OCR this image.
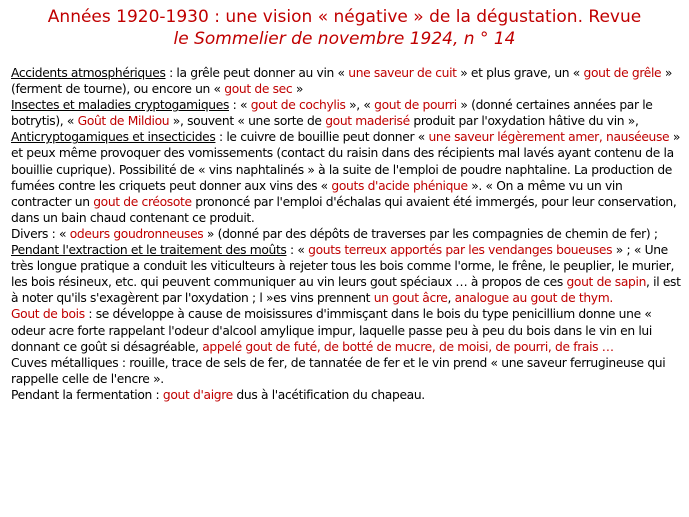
Années 1920-1930 : une vision « négative » de la dégustation. Revue
le Sommelier de novembre 1924, n ° 14
Accidents atmosphériques : la grêle peut donner au vin « une saveur de cuit » et plus grave, un « gout de grêle » (ferment de tourne), ou encore un « gout de sec »
Insectes et maladies cryptogamiques : « gout de cochylis », « gout de pourri » (donné certaines années par le botrytis), « Goût de Mildiou », souvent « une sorte de gout maderisé produit par l'oxydation hâtive du vin »,
Anticryptogamiques et insecticides : le cuivre de bouillie peut donner « une saveur légèrement amer, nauséeuse » et peux même provoquer des vomissements (contact du raisin dans des récipients mal lavés ayant contenu de la bouillie cuprique). Possibilité de « vins naphtalinés » à la suite de l'emploi de poudre naphtaline. La production de fumées contre les criquets peut donner aux vins des « gouts d'acide phénique ». « On a même vu un vin contracter un gout de créosote prononcé par l'emploi d'échalas qui avaient été immergés, pour leur conservation, dans un bain chaud contenant ce produit.
Divers : « odeurs goudronneuses » (donné par des dépôts de traverses par les compagnies de chemin de fer) ;
Pendant l'extraction et le traitement des moûts : « gouts terreux apportés par les vendanges boueuses » ; « Une très longue pratique a conduit les viticulteurs à rejeter tous les bois comme l'orme, le frêne, le peuplier, le murier, les bois résineux, etc. qui peuvent communiquer au vin leurs gout spéciaux … à propos de ces gout de sapin, il est à noter qu'ils s'exagèrent par l'oxydation ; l »es vins prennent un gout âcre, analogue au gout de thym.
Gout de bois : se développe à cause de moisissures d'immisçant dans le bois du type penicillium donne une « odeur acre forte rappelant l'odeur d'alcool amylique impur, laquelle passe peu à peu du bois dans le vin en lui donnant ce goût si désagréable, appelé gout de futé, de botté de mucre, de moisi, de pourri, de frais …
Cuves métalliques : rouille, trace de sels de fer, de tannatée de fer et le vin prend « une saveur ferrugineuse qui rappelle celle de l'encre ».
Pendant la fermentation : gout d'aigre dus à l'acétification du chapeau.
